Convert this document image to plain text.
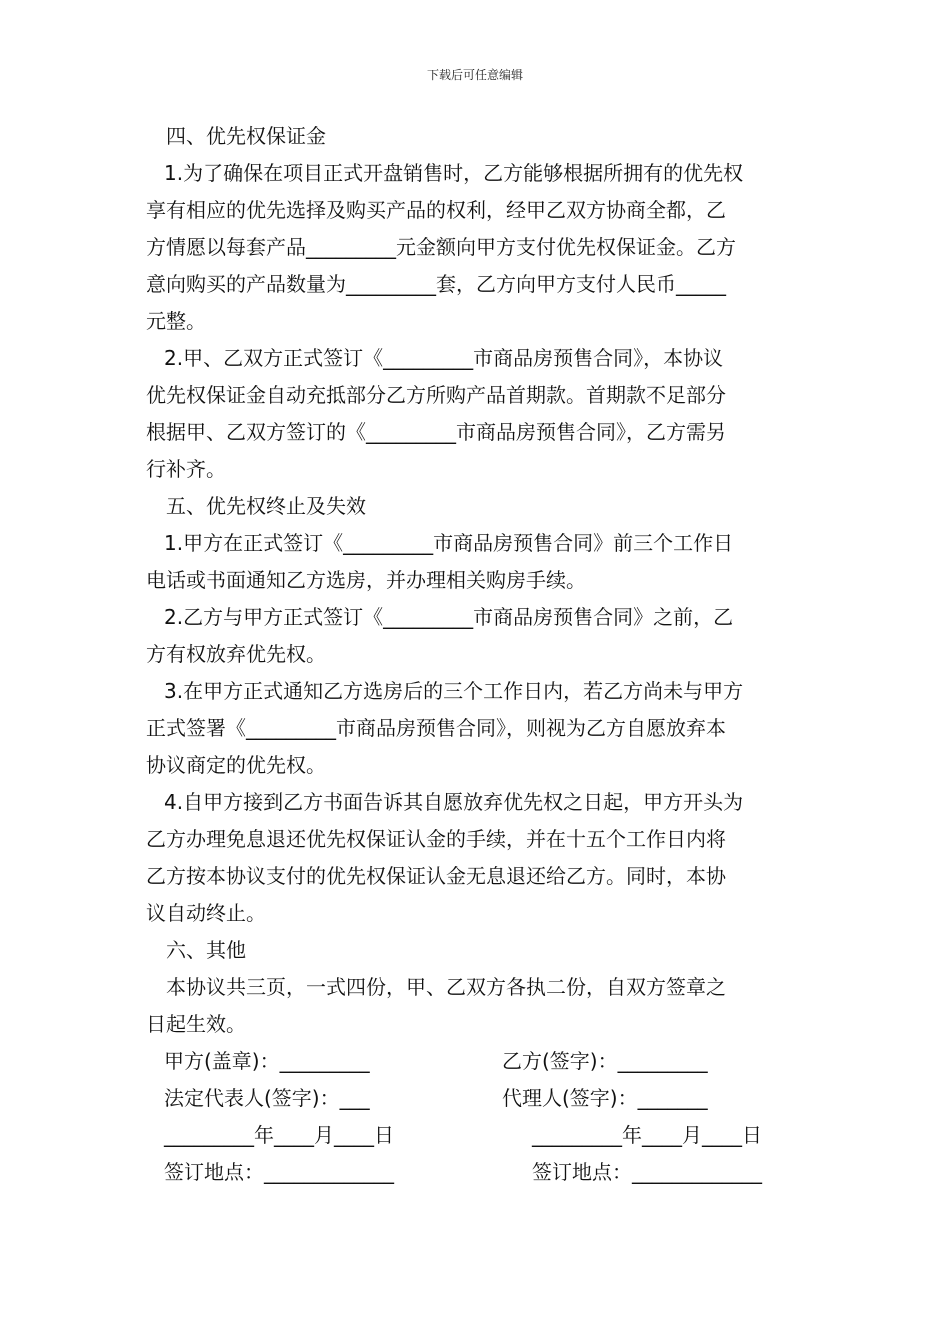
下载后可任意编辑
四、优先权保证金
1.为了确保在项目正式开盘销售时，乙方能够根据所拥有的优先权
享有相应的优先选择及购买产品的权利，经甲乙双方协商全都，乙
方情愿以每套产品_________元金额向甲方支付优先权保证金。乙方
意向购买的产品数量为_________套，乙方向甲方支付人民币_____
元整。
2.甲、乙双方正式签订《_________市商品房预售合同》，本协议
优先权保证金自动充抵部分乙方所购产品首期款。首期款不足部分
根据甲、乙双方签订的《_________市商品房预售合同》，乙方需另
行补齐。
五、优先权终止及失效
1.甲方在正式签订《_________市商品房预售合同》前三个工作日
电话或书面通知乙方选房，并办理相关购房手续。
2.乙方与甲方正式签订《_________市商品房预售合同》之前，乙
方有权放弃优先权。
3.在甲方正式通知乙方选房后的三个工作日内，若乙方尚未与甲方
正式签署《_________市商品房预售合同》，则视为乙方自愿放弃本
协议商定的优先权。
4.自甲方接到乙方书面告诉其自愿放弃优先权之日起，甲方开头为
乙方办理免息退还优先权保证认金的手续，并在十五个工作日内将
乙方按本协议支付的优先权保证认金无息退还给乙方。同时，本协
议自动终止。
六、其他
本协议共三页，一式四份，甲、乙双方各执二份，自双方签章之
日起生效。
甲方(盖章)：_________	乙方(签字)：_________
法定代表人(签字)：___	代理人(签字)：_______
_________年____月____日	_________年____月____日
签订地点：_____________	签订地点：_____________
